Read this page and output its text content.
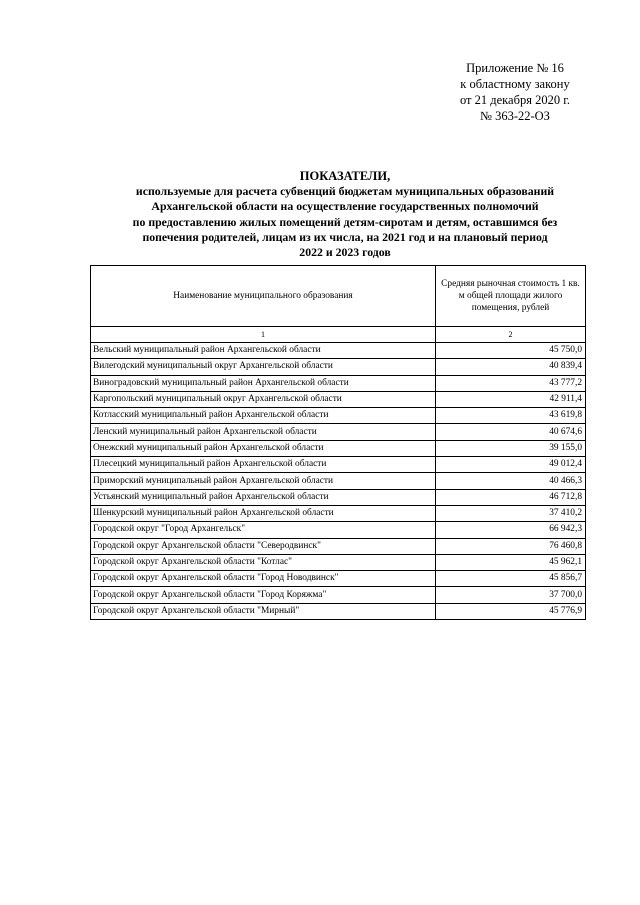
Приложение № 16
к областному закону
от 21 декабря 2020 г.
№ 363-22-ОЗ
ПОКАЗАТЕЛИ,
используемые для расчета субвенций бюджетам муниципальных образований
Архангельской области на осуществление государственных полномочий
по предоставлению жилых помещений детям-сиротам и детям, оставшимся без
попечения родителей, лицам из их числа, на 2021 год и на плановый период
2022 и 2023 годов
Наименование муниципального образования	Средняя рыночная стоимость 1 кв. м общей площади жилого помещения, рублей
1	2
Вельский муниципальный район Архангельской области	45 750,0
Вилегодский муниципальный округ Архангельской области	40 839,4
Виноградовский муниципальный район Архангельской области	43 777,2
Каргопольский муниципальный округ Архангельской области	42 911,4
Котласский муниципальный район Архангельской области	43 619,8
Ленский муниципальный район Архангельской области	40 674,6
Онежский муниципальный район Архангельской области	39 155,0
Плесецкий муниципальный район Архангельской области	49 012,4
Приморский муниципальный район Архангельской области	40 466,3
Устьянский муниципальный район Архангельской области	46 712,8
Шенкурский муниципальный район Архангельской области	37 410,2
Городской округ "Город Архангельск"	66 942,3
Городской округ Архангельской области "Северодвинск"	76 460,8
Городской округ Архангельской области "Котлас"	45 962,1
Городской округ Архангельской области "Город Новодвинск"	45 856,7
Городской округ Архангельской области "Город Коряжма"	37 700,0
Городской округ Архангельской области "Мирный"	45 776,9
